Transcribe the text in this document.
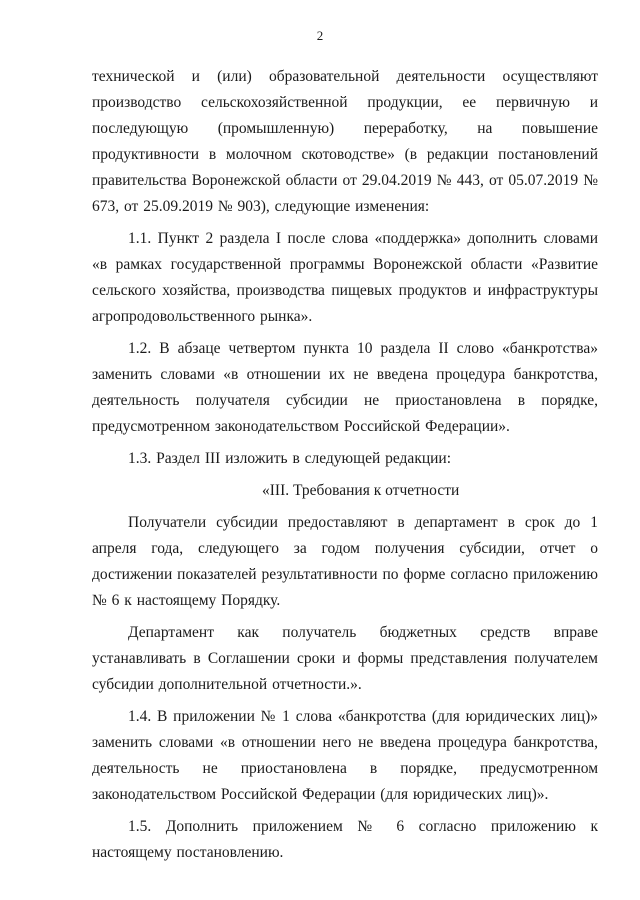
2

технической и (или) образовательной деятельности осуществляют производство сельскохозяйственной продукции, ее первичную и последующую (промышленную) переработку, на повышение продуктивности в молочном скотоводстве» (в редакции постановлений правительства Воронежской области от 29.04.2019 № 443, от 05.07.2019 № 673, от 25.09.2019 № 903), следующие изменения:

1.1. Пункт 2 раздела I после слова «поддержка» дополнить словами «в рамках государственной программы Воронежской области «Развитие сельского хозяйства, производства пищевых продуктов и инфраструктуры агропродовольственного рынка».

1.2. В абзаце четвертом пункта 10 раздела II слово «банкротства» заменить словами «в отношении их не введена процедура банкротства, деятельность получателя субсидии не приостановлена в порядке, предусмотренном законодательством Российской Федерации».

1.3. Раздел III изложить в следующей редакции:

«III. Требования к отчетности

Получатели субсидии предоставляют в департамент в срок до 1 апреля года, следующего за годом получения субсидии, отчет о достижении показателей результативности по форме согласно приложению № 6 к настоящему Порядку.

Департамент как получатель бюджетных средств вправе устанавливать в Соглашении сроки и формы представления получателем субсидии дополнительной отчетности.».

1.4. В приложении № 1 слова «банкротства (для юридических лиц)» заменить словами «в отношении него не введена процедура банкротства, деятельность не приостановлена в порядке, предусмотренном законодательством Российской Федерации (для юридических лиц)».

1.5. Дополнить приложением № 6 согласно приложению к настоящему постановлению.
